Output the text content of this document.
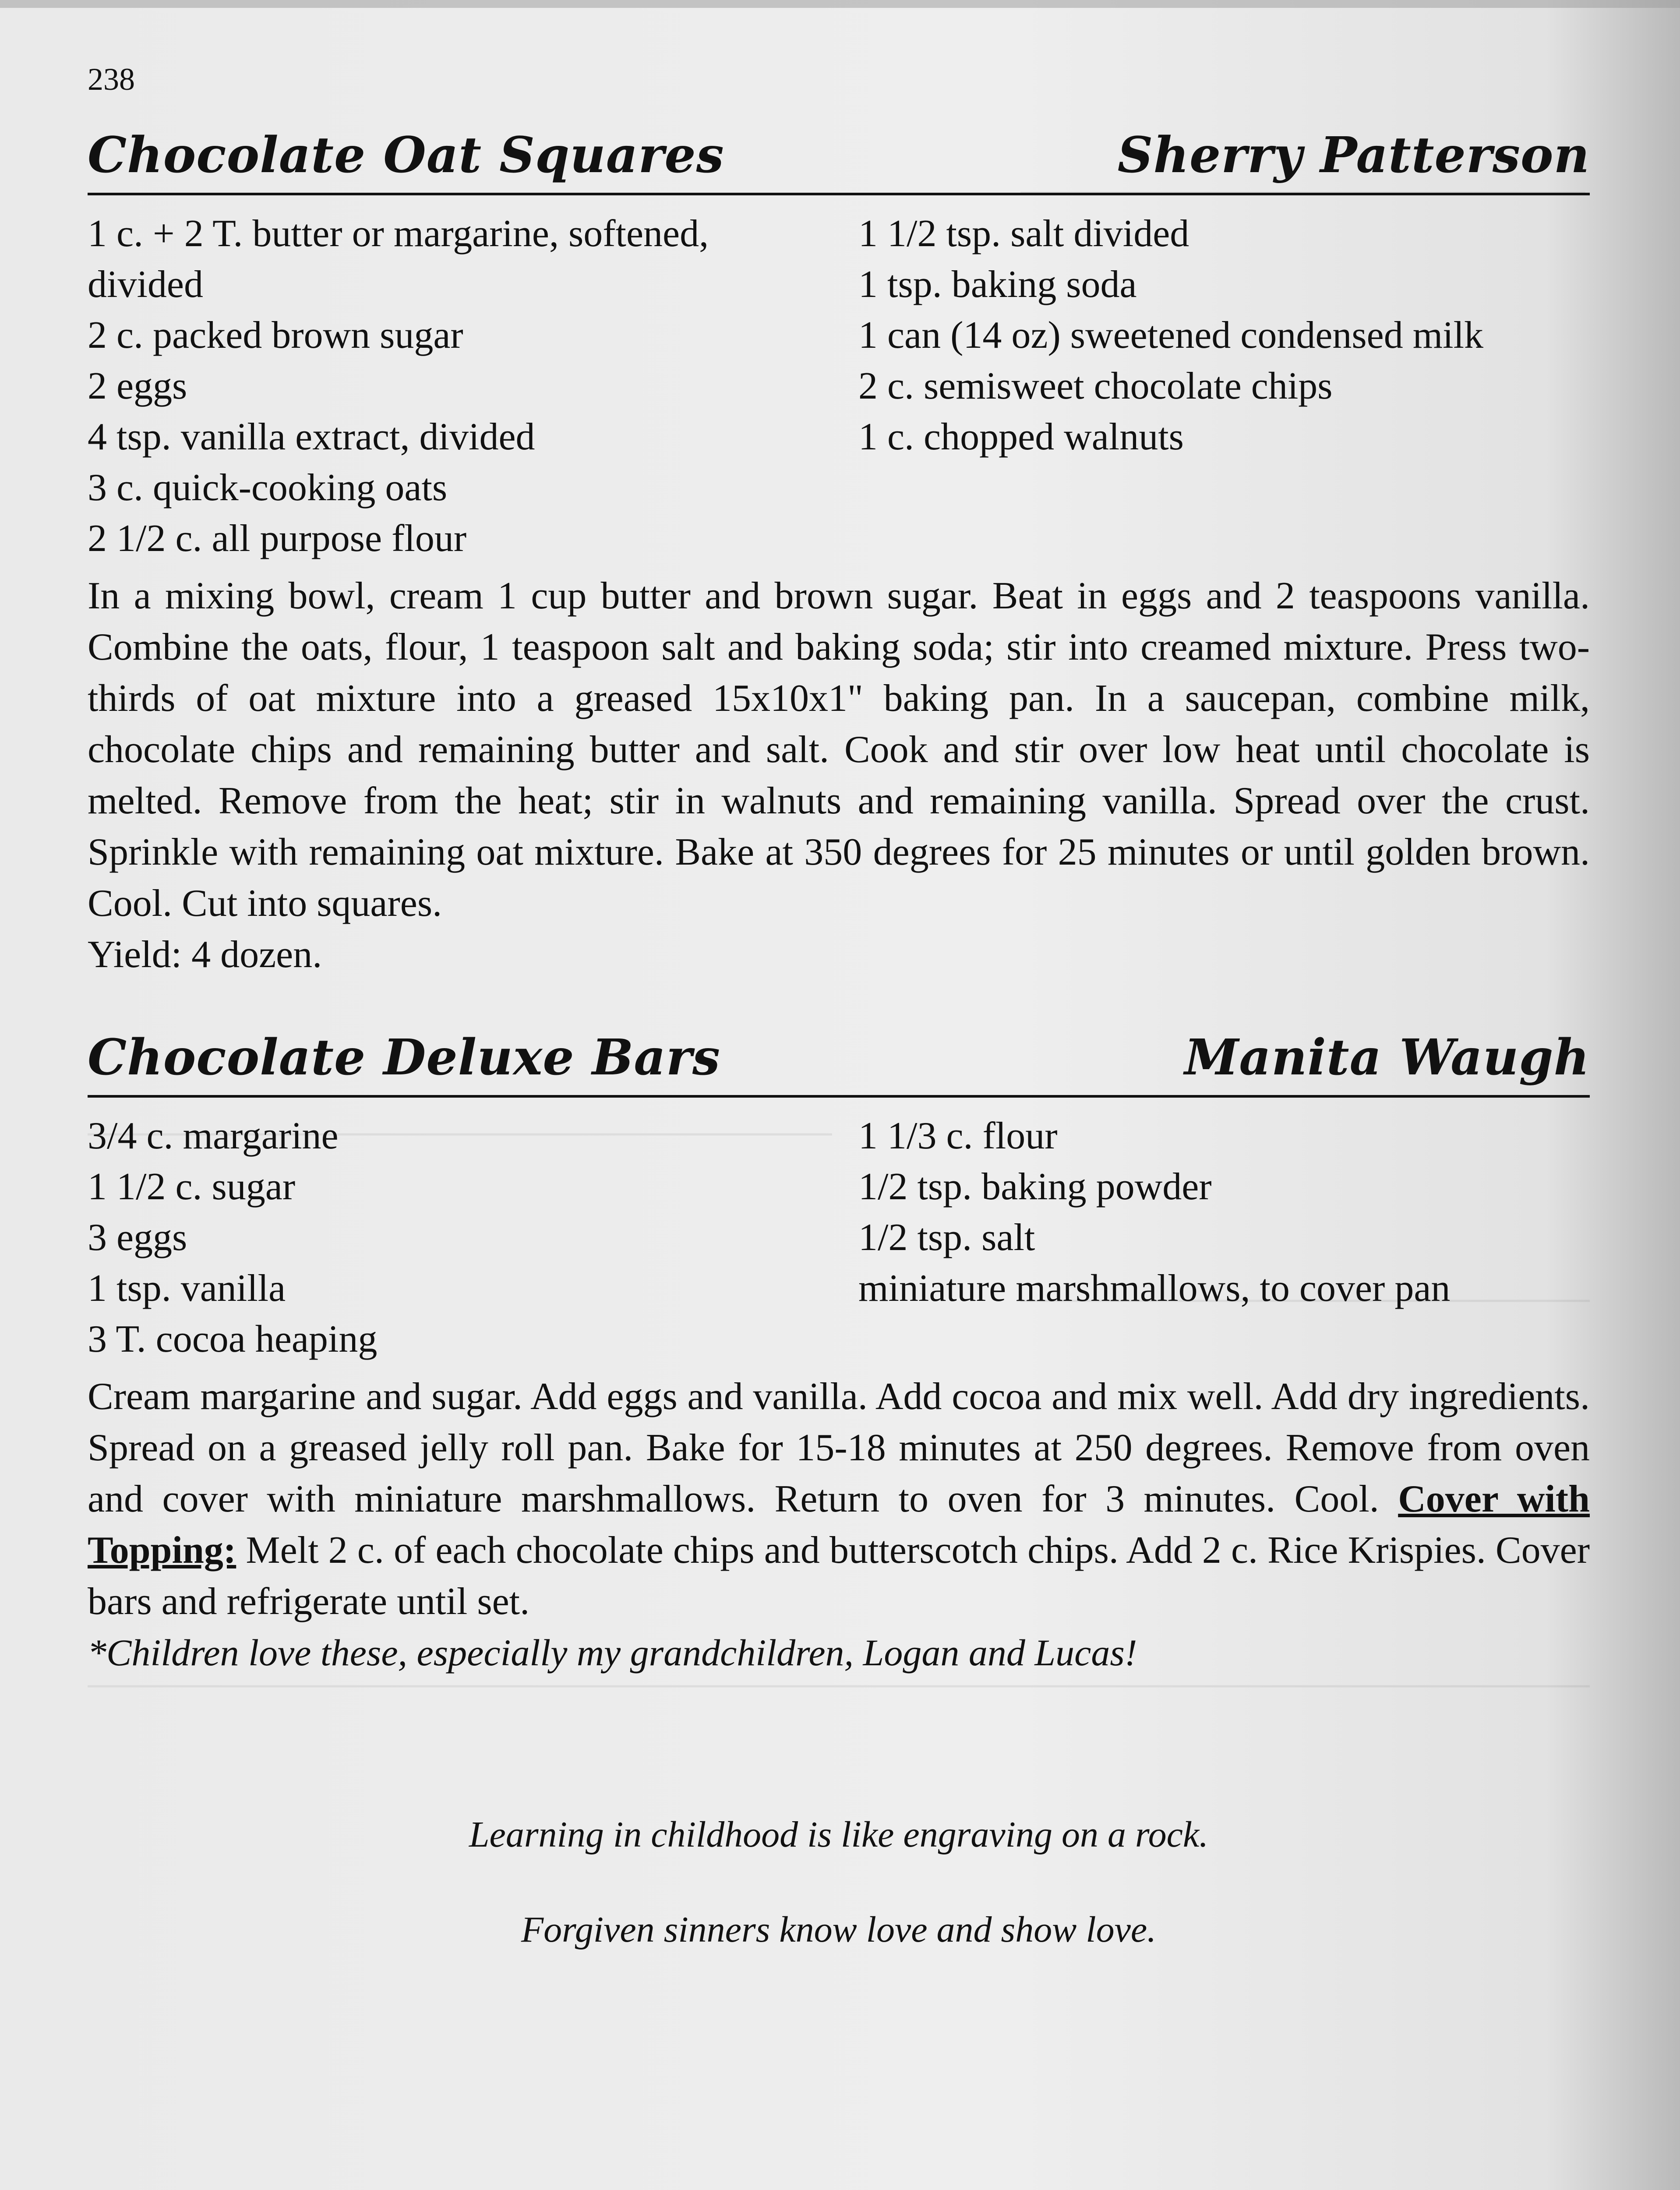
238
Chocolate Oat Squares	Sherry Patterson
1 c. + 2 T. butter or margarine, softened,
divided
2 c. packed brown sugar
2 eggs
4 tsp. vanilla extract, divided
3 c. quick-cooking oats
2 1/2 c. all purpose flour
1 1/2 tsp. salt divided
1 tsp. baking soda
1 can (14 oz) sweetened condensed milk
2 c. semisweet chocolate chips
1 c. chopped walnuts

In a mixing bowl, cream 1 cup butter and brown sugar. Beat in eggs and 2 teaspoons vanilla. Combine the oats, flour, 1 teaspoon salt and baking soda; stir into creamed mixture. Press two-thirds of oat mixture into a greased 15x10x1" baking pan. In a saucepan, combine milk, chocolate chips and remaining butter and salt. Cook and stir over low heat until chocolate is melted. Remove from the heat; stir in walnuts and remaining vanilla. Spread over the crust. Sprinkle with remaining oat mixture. Bake at 350 degrees for 25 minutes or until golden brown. Cool. Cut into squares.

Yield: 4 dozen.
Chocolate Deluxe Bars	Manita Waugh
3/4 c. margarine
1 1/2 c. sugar
3 eggs
1 tsp. vanilla
3 T. cocoa heaping
1 1/3 c. flour
1/2 tsp. baking powder
1/2 tsp. salt
miniature marshmallows, to cover pan

Cream margarine and sugar. Add eggs and vanilla. Add cocoa and mix well. Add dry ingredients. Spread on a greased jelly roll pan. Bake for 15-18 minutes at 250 degrees. Remove from oven and cover with miniature marshmallows. Return to oven for 3 minutes. Cool. Cover with Topping: Melt 2 c. of each chocolate chips and butterscotch chips. Add 2 c. Rice Krispies. Cover bars and refrigerate until set.
*Children love these, especially my grandchildren, Logan and Lucas!

Learning in childhood is like engraving on a rock.
Forgiven sinners know love and show love.
